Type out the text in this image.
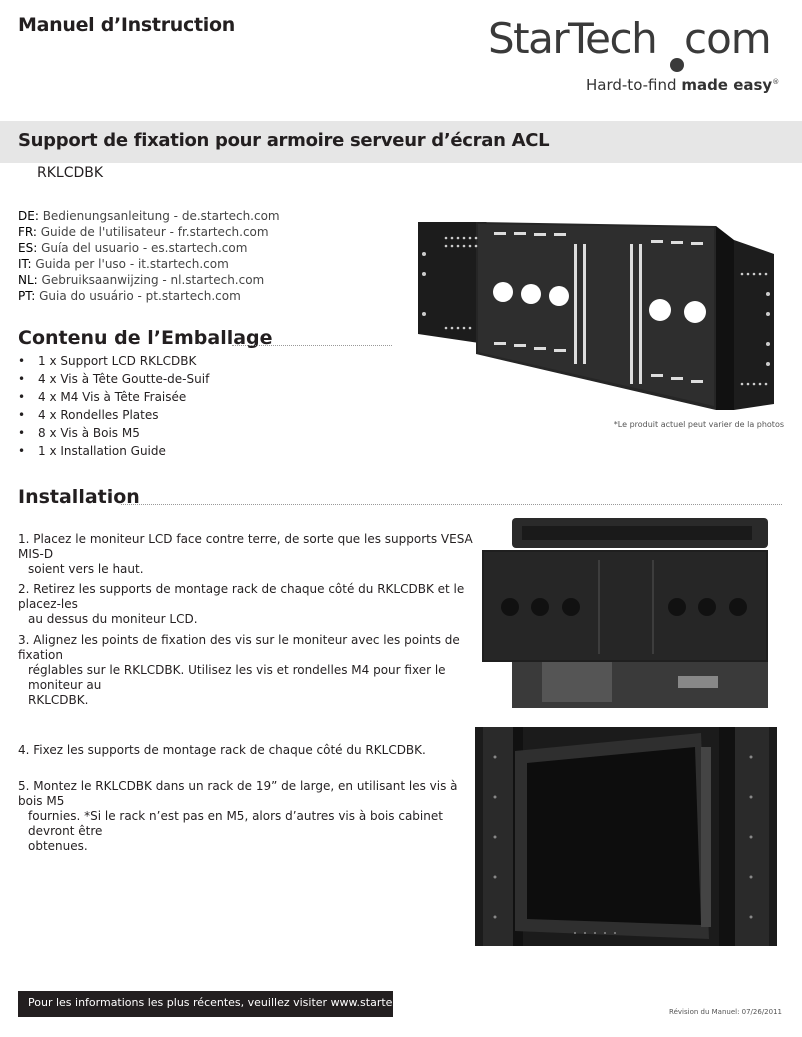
Manuel d’Instruction	StarTech com
Hard-to-find made easy®
Support de fixation pour armoire serveur d’écran ACL
RKLCDBK
DE: Bedienungsanleitung - de.startech.com
FR: Guide de l'utilisateur - fr.startech.com
ES: Guía del usuario - es.startech.com
IT: Guida per l'uso - it.startech.com
NL: Gebruiksaanwijzing - nl.startech.com
PT: Guia do usuário - pt.startech.com
*Le produit actuel peut varier de la photos
Contenu de l’Emballage
• 1 x Support LCD RKLCDBK
• 4 x Vis à Tête Goutte-de-Suif
• 4 x M4 Vis à Tête Fraisée
• 4 x Rondelles Plates
• 8 x Vis à Bois M5
• 1 x Installation Guide
Installation
1. Placez le moniteur LCD face contre terre, de sorte que les supports VESA MIS-D
soient vers le haut.
2. Retirez les supports de montage rack de chaque côté du RKLCDBK et le placez-les
au dessus du moniteur LCD.
3. Alignez les points de fixation des vis sur le moniteur avec les points de fixation
réglables sur le RKLCDBK. Utilisez les vis et rondelles M4 pour fixer le moniteur au
RKLCDBK.
4. Fixez les supports de montage rack de chaque côté du RKLCDBK.
5. Montez le RKLCDBK dans un rack de 19” de large, en utilisant les vis à bois M5
fournies. *Si le rack n’est pas en M5, alors d’autres vis à bois cabinet devront être
obtenues.
Pour les informations les plus récentes, veuillez visiter www.startech.com
Révision du Manuel: 07/26/2011
